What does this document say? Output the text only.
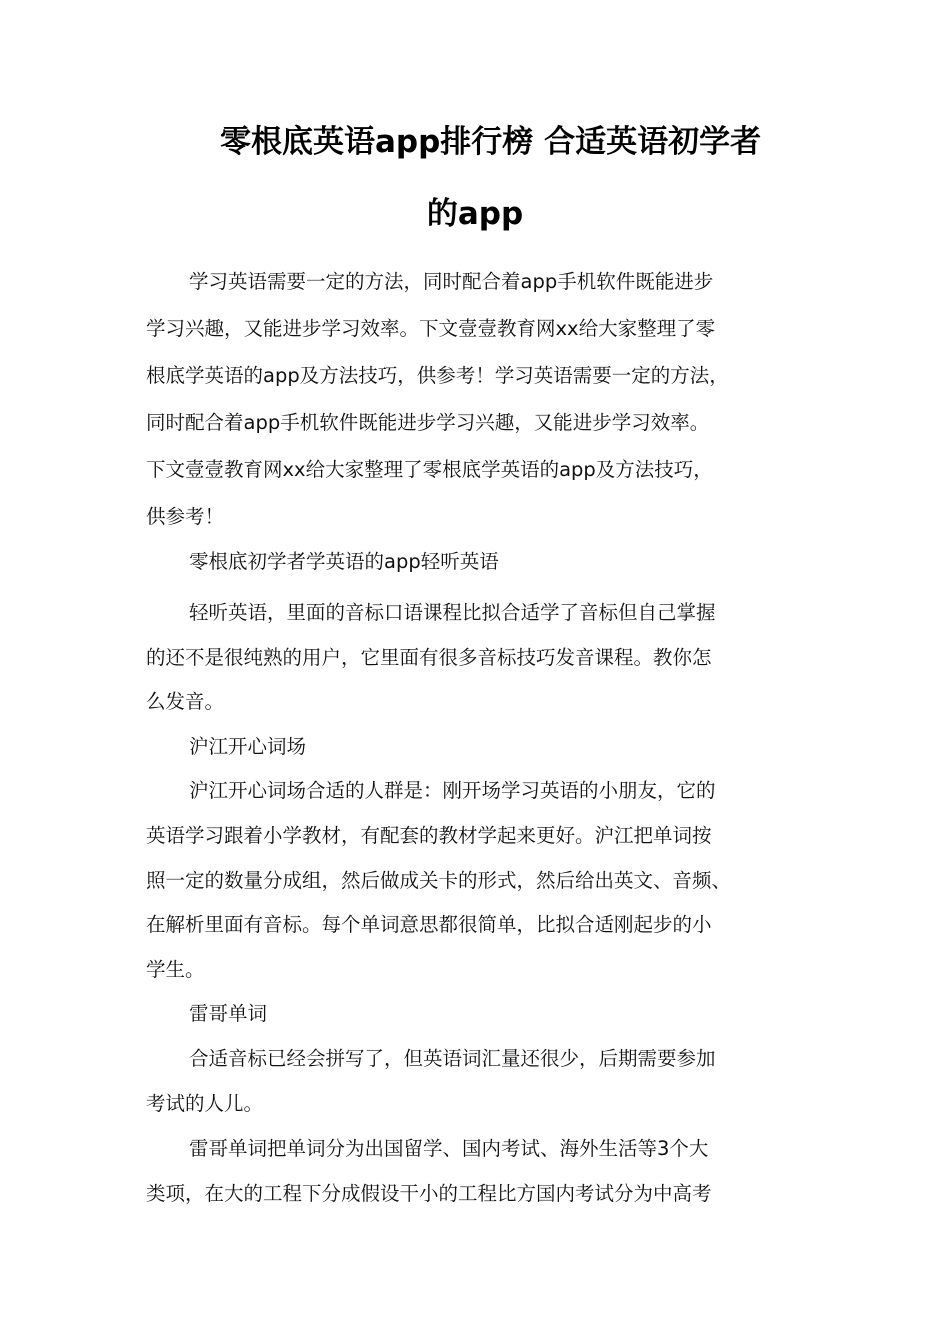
零根底英语app排行榜 合适英语初学者
的app
学习英语需要一定的方法，同时配合着app手机软件既能进步
学习兴趣，又能进步学习效率。下文壹壹教育网xx给大家整理了零
根底学英语的app及方法技巧，供参考！学习英语需要一定的方法，
同时配合着app手机软件既能进步学习兴趣，又能进步学习效率。
下文壹壹教育网xx给大家整理了零根底学英语的app及方法技巧，
供参考！
零根底初学者学英语的app轻听英语
轻听英语，里面的音标口语课程比拟合适学了音标但自己掌握
的还不是很纯熟的用户，它里面有很多音标技巧发音课程。教你怎
么发音。
沪江开心词场
沪江开心词场合适的人群是：刚开场学习英语的小朋友，它的
英语学习跟着小学教材，有配套的教材学起来更好。沪江把单词按
照一定的数量分成组，然后做成关卡的形式，然后给出英文、音频、
在解析里面有音标。每个单词意思都很简单，比拟合适刚起步的小
学生。
雷哥单词
合适音标已经会拼写了，但英语词汇量还很少，后期需要参加
考试的人儿。
雷哥单词把单词分为出国留学、国内考试、海外生活等3个大
类项，在大的工程下分成假设干小的工程比方国内考试分为中高考
